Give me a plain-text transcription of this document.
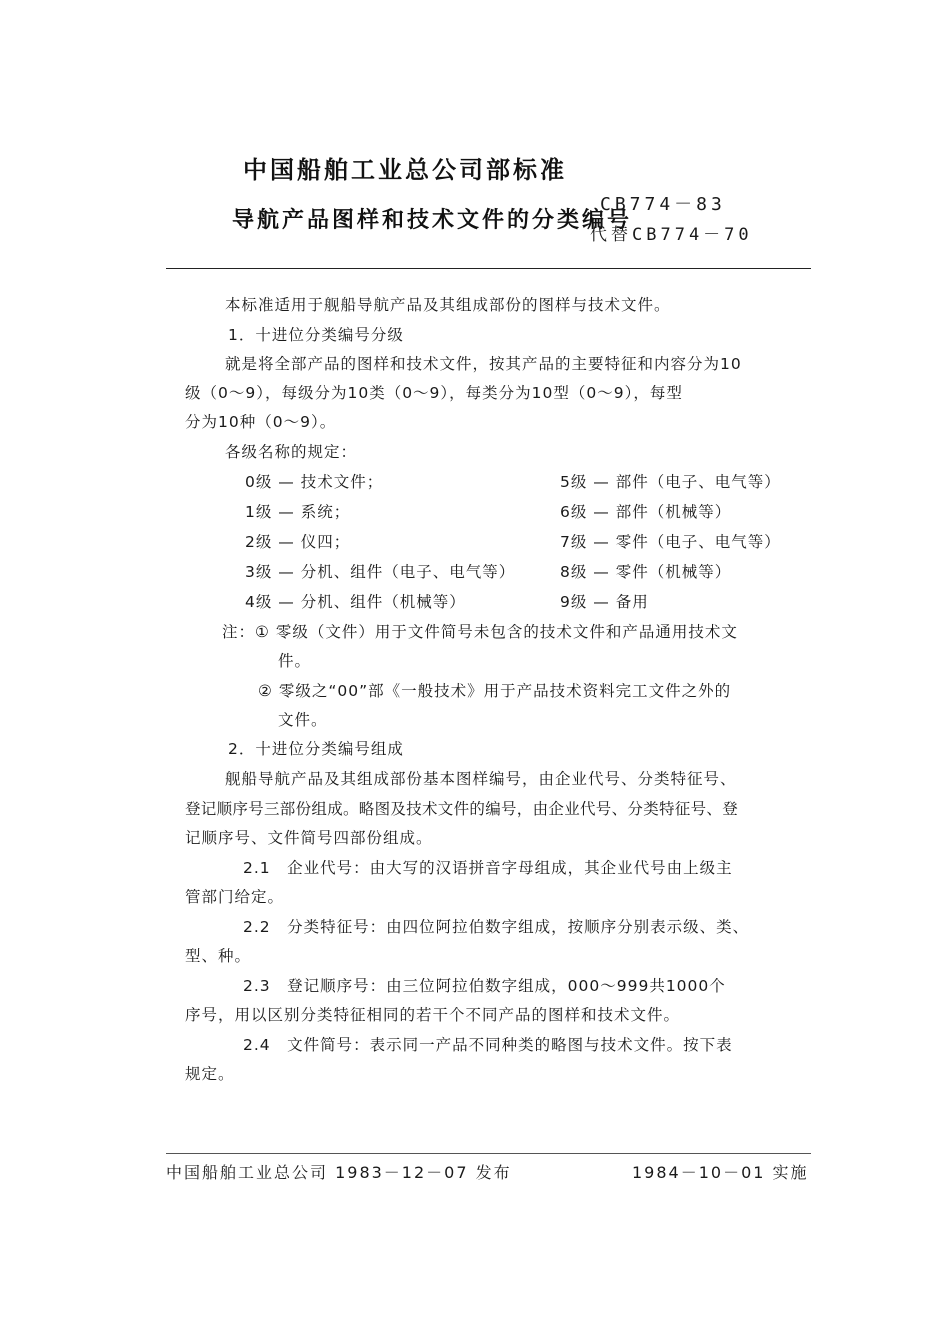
中国船舶工业总公司部标准
导航产品图样和技术文件的分类编号
CB774－83
代替CB774－70
本标准适用于舰船导航产品及其组成部份的图样与技术文件。
1．十进位分类编号分级
就是将全部产品的图样和技术文件，按其产品的主要特征和内容分为10
级（0～9），每级分为10类（0～9），每类分为10型（0～9），每型
分为10种（0～9）。
各级名称的规定：
0级 — 技术文件；
1级 — 系统；
2级 — 仪四；
3级 — 分机、组件（电子、电气等）
4级 — 分机、组件（机械等）
5级 — 部件（电子、电气等）
6级 — 部件（机械等）
7级 — 零件（电子、电气等）
8级 — 零件（机械等）
9级 — 备用
注：① 零级（文件）用于文件简号未包含的技术文件和产品通用技术文
件。
② 零级之“00”部《一般技术》用于产品技术资料完工文件之外的
文件。
2．十进位分类编号组成
舰船导航产品及其组成部份基本图样编号，由企业代号、分类特征号、
登记顺序号三部份组成。略图及技术文件的编号，由企业代号、分类特征号、登
记顺序号、文件简号四部份组成。
2.1　企业代号：由大写的汉语拼音字母组成，其企业代号由上级主
管部门给定。
2.2　分类特征号：由四位阿拉伯数字组成，按顺序分别表示级、类、
型、种。
2.3　登记顺序号：由三位阿拉伯数字组成，000～999共1000个
序号，用以区别分类特征相同的若干个不同产品的图样和技术文件。
2.4　文件简号：表示同一产品不同种类的略图与技术文件。按下表
规定。
中国船舶工业总公司 1983－12－07 发布	1984－10－01 实施
